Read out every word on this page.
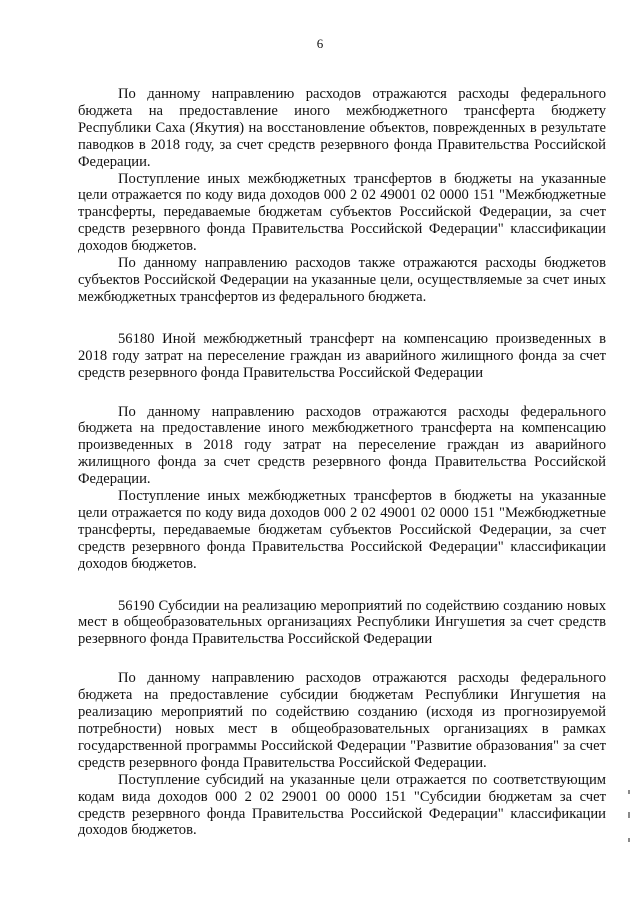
6

По данному направлению расходов отражаются расходы федерального бюджета на предоставление иного межбюджетного трансферта бюджету Республики Саха (Якутия) на восстановление объектов, поврежденных в результате паводков в 2018 году, за счет средств резервного фонда Правительства Российской Федерации.

Поступление иных межбюджетных трансфертов в бюджеты на указанные цели отражается по коду вида доходов 000 2 02 49001 02 0000 151 "Межбюджетные трансферты, передаваемые бюджетам субъектов Российской Федерации, за счет средств резервного фонда Правительства Российской Федерации" классификации доходов бюджетов.

По данному направлению расходов также отражаются расходы бюджетов субъектов Российской Федерации на указанные цели, осуществляемые за счет иных межбюджетных трансфертов из федерального бюджета.

56180 Иной межбюджетный трансферт на компенсацию произведенных в 2018 году затрат на переселение граждан из аварийного жилищного фонда за счет средств резервного фонда Правительства Российской Федерации

По данному направлению расходов отражаются расходы федерального бюджета на предоставление иного межбюджетного трансферта на компенсацию произведенных в 2018 году затрат на переселение граждан из аварийного жилищного фонда за счет средств резервного фонда Правительства Российской Федерации.

Поступление иных межбюджетных трансфертов в бюджеты на указанные цели отражается по коду вида доходов 000 2 02 49001 02 0000 151 "Межбюджетные трансферты, передаваемые бюджетам субъектов Российской Федерации, за счет средств резервного фонда Правительства Российской Федерации" классификации доходов бюджетов.

56190 Субсидии на реализацию мероприятий по содействию созданию новых мест в общеобразовательных организациях Республики Ингушетия за счет средств резервного фонда Правительства Российской Федерации

По данному направлению расходов отражаются расходы федерального бюджета на предоставление субсидии бюджетам Республики Ингушетия на реализацию мероприятий по содействию созданию (исходя из прогнозируемой потребности) новых мест в общеобразовательных организациях в рамках государственной программы Российской Федерации "Развитие образования" за счет средств резервного фонда Правительства Российской Федерации.

Поступление субсидий на указанные цели отражается по соответствующим кодам вида доходов 000 2 02 29001 00 0000 151 "Субсидии бюджетам за счет средств резервного фонда Правительства Российской Федерации" классификации доходов бюджетов.
